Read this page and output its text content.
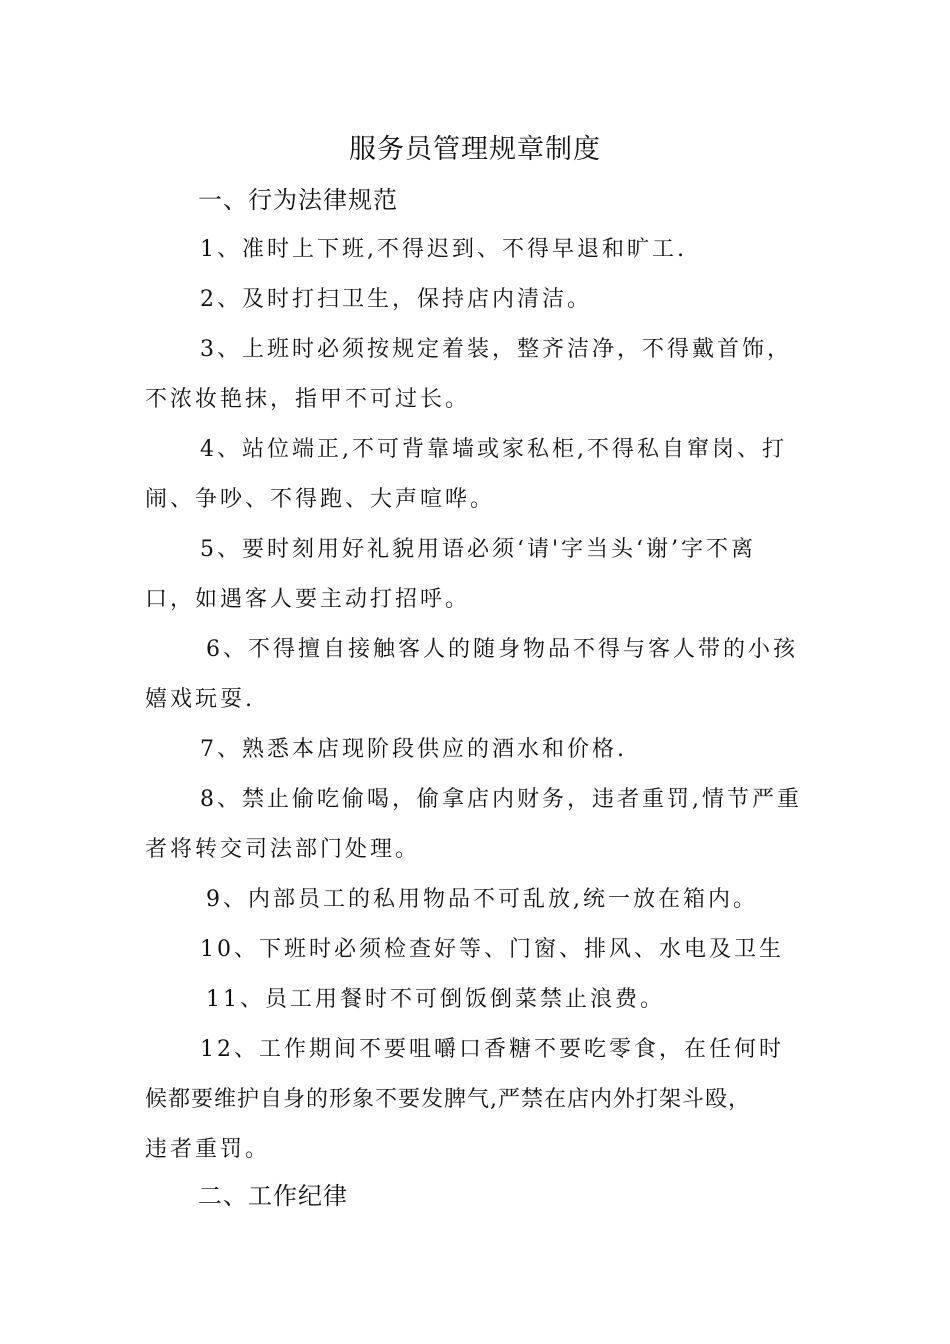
服务员管理规章制度
一、行为法律规范
1、准时上下班,不得迟到、不得早退和旷工.
2、及时打扫卫生，保持店内清洁。
3、上班时必须按规定着装，整齐洁净，不得戴首饰，
不浓妆艳抹，指甲不可过长。
4、站位端正,不可背靠墙或家私柜,不得私自窜岗、打
闹、争吵、不得跑、大声喧哗。
5、要时刻用好礼貌用语必须‘请'字当头‘谢’字不离
口，如遇客人要主动打招呼。
6、不得擅自接触客人的随身物品不得与客人带的小孩
嬉戏玩耍.
7、熟悉本店现阶段供应的酒水和价格.
8、禁止偷吃偷喝，偷拿店内财务，违者重罚,情节严重
者将转交司法部门处理。
9、内部员工的私用物品不可乱放,统一放在箱内。
10、下班时必须检查好等、门窗、排风、水电及卫生
11、员工用餐时不可倒饭倒菜禁止浪费。
12、工作期间不要咀嚼口香糖不要吃零食，在任何时
候都要维护自身的形象不要发脾气,严禁在店内外打架斗殴，
违者重罚。
二、工作纪律
